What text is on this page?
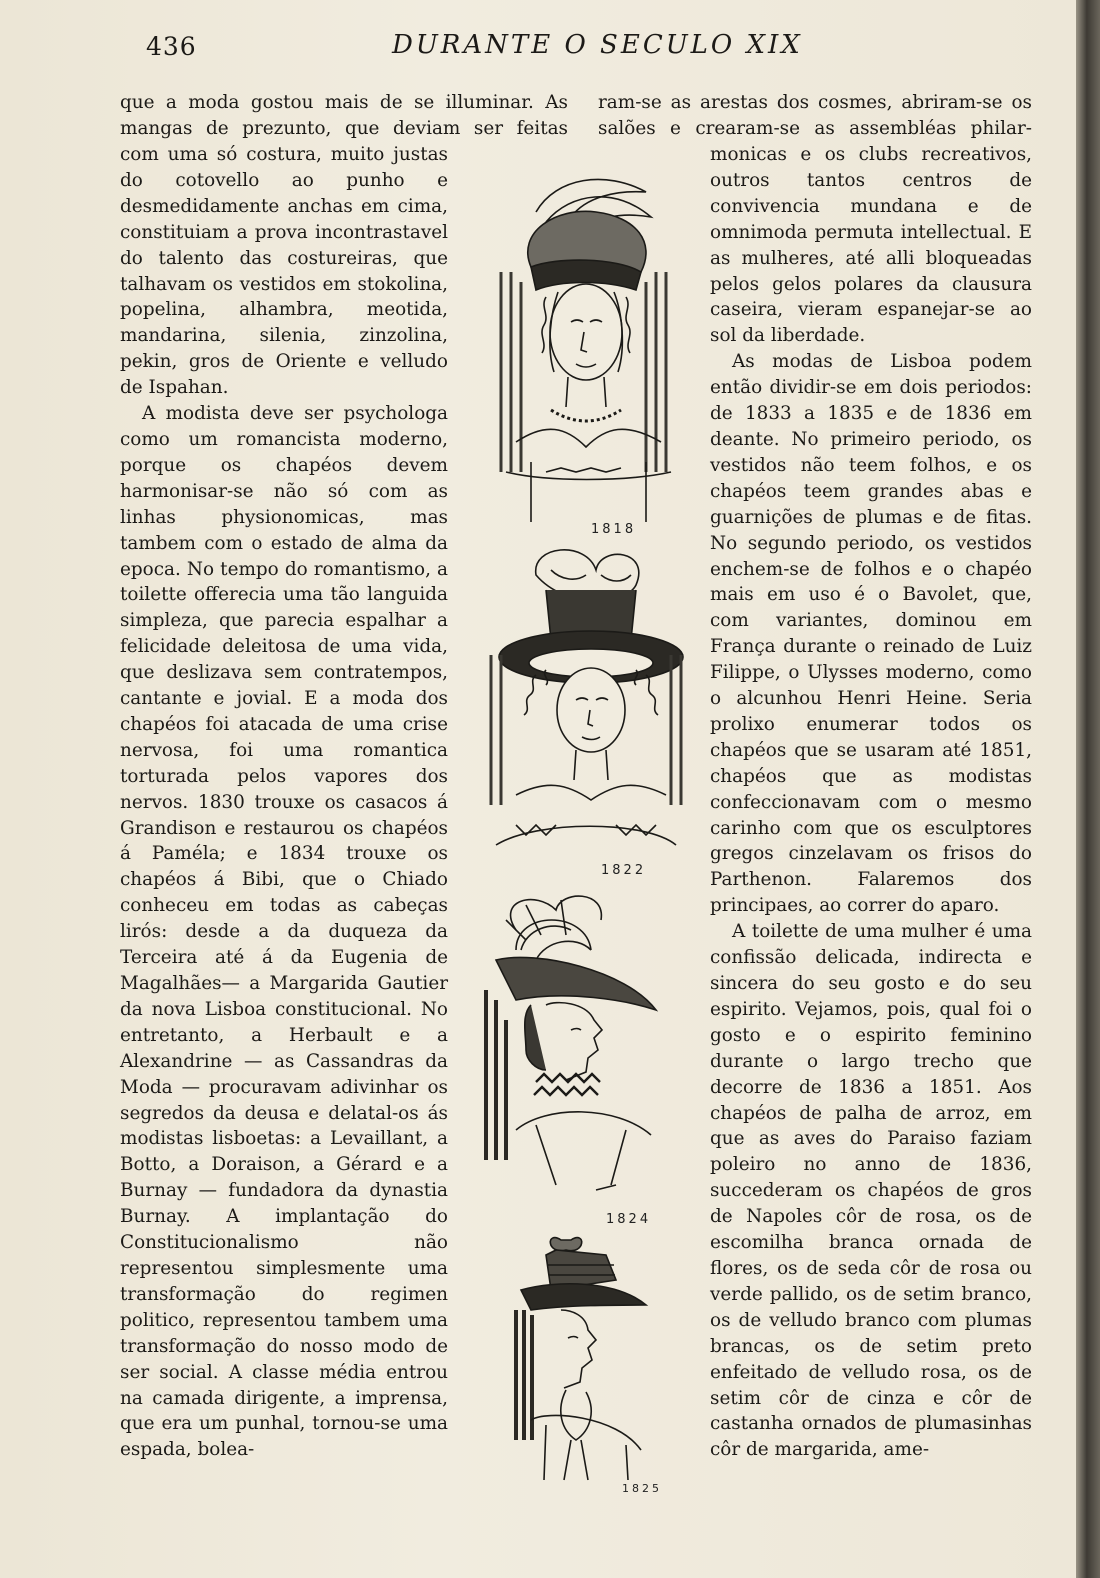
436	DURANTE O SECULO XIX

que a moda gostou mais de se illuminar. As

mangas de prezunto, que deviam ser feitas

com uma só costura, muito justas do cotovello ao punho e desmedidamente anchas em cima, constituiam a prova incontrastavel do talento das costureiras, que talhavam os vestidos em stokolina, popelina, alhambra, meotida, mandarina, silenia, zinzolina, pekin, gros de Oriente e velludo de Ispahan.

A modista deve ser psychologa como um romancista moderno, porque os chapéos devem harmonisar-se não só com as linhas physionomicas, mas tambem com o estado de alma da epoca. No tempo do romantismo, a toilette offerecia uma tão languida simpleza, que parecia espalhar a felicidade deleitosa de uma vida, que deslizava sem contratempos, cantante e jovial. E a moda dos chapéos foi atacada de uma crise nervosa, foi uma romantica torturada pelos vapores dos nervos. 1830 trouxe os casacos á Grandison e restaurou os chapéos á Paméla; e 1834 trouxe os chapéos á Bibi, que o Chiado conheceu em todas as cabeças lirós: desde a da duqueza da Terceira até á da Eugenia de Magalhães— a Margarida Gautier da nova Lisboa constitucional. No entretanto, a Herbault e a Alexandrine — as Cassandras da Moda — procuravam adivinhar os segredos da deusa e delatal-os ás modistas lisboetas: a Levaillant, a Botto, a Doraison, a Gérard e a Burnay — fundadora da dynastia Burnay. A implantação do Constitucionalismo não representou simplesmente uma transformação do regimen politico, representou tambem uma transformação do nosso modo de ser social. A classe média entrou na camada dirigente, a imprensa, que era um punhal, tornou-se uma espada, bolea-

ram-se as arestas dos cosmes, abriram-se os

salões e crearam-se as assembléas philar-

monicas e os clubs recreativos, outros tantos centros de convivencia mundana e de omnimoda permuta intellectual. E as mulheres, até alli bloqueadas pelos gelos polares da clausura caseira, vieram espanejar-se ao sol da liberdade.

As modas de Lisboa podem então dividir-se em dois periodos: de 1833 a 1835 e de 1836 em deante. No primeiro periodo, os vestidos não teem folhos, e os chapéos teem grandes abas e guarnições de plumas e de fitas. No segundo periodo, os vestidos enchem-se de folhos e o chapéo mais em uso é o Bavolet, que, com variantes, dominou em França durante o reinado de Luiz Filippe, o Ulysses moderno, como o alcunhou Henri Heine. Seria prolixo enumerar todos os chapéos que se usaram até 1851, chapéos que as modistas confeccionavam com o mesmo carinho com que os esculptores gregos cinzelavam os frisos do Parthenon. Falaremos dos principaes, ao correr do aparo.

A toilette de uma mulher é uma confissão delicada, indirecta e sincera do seu gosto e do seu espirito. Vejamos, pois, qual foi o gosto e o espirito feminino durante o largo trecho que decorre de 1836 a 1851. Aos chapéos de palha de arroz, em que as aves do Paraiso faziam poleiro no anno de 1836, succederam os chapéos de gros de Napoles côr de rosa, os de escomilha branca ornada de flores, os de seda côr de rosa ou verde pallido, os de setim branco, os de velludo branco com plumas brancas, os de setim preto enfeitado de velludo rosa, os de setim côr de cinza e côr de castanha ornados de plumasinhas côr de margarida, ame-

1818
1822
1824
1825
